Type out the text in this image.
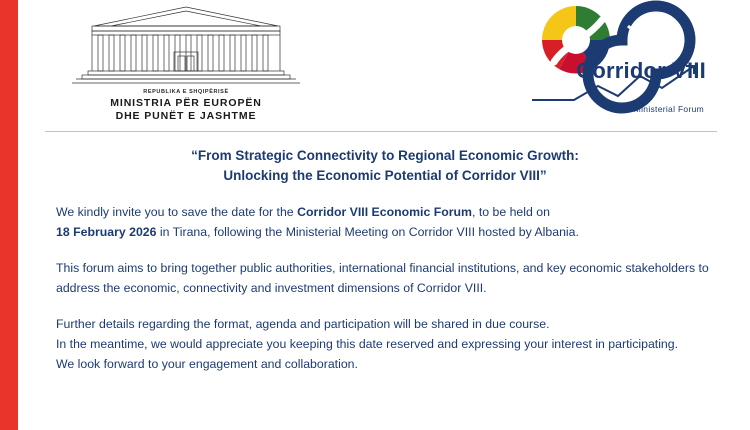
REPUBLIKA E SHQIPËRISË
MINISTRIA PËR EUROPËN
DHE PUNËT E JASHTME
Corridor VIII
Ministerial Forum
“From Strategic Connectivity to Regional Economic Growth:
Unlocking the Economic Potential of Corridor VIII”

We kindly invite you to save the date for the Corridor VIII Economic Forum, to be held on
18 February 2026 in Tirana, following the Ministerial Meeting on Corridor VIII hosted by Albania.

This forum aims to bring together public authorities, international financial institutions, and key economic stakeholders to address the economic, connectivity and investment dimensions of Corridor VIII.

Further details regarding the format, agenda and participation will be shared in due course.
In the meantime, we would appreciate you keeping this date reserved and expressing your interest in participating.
We look forward to your engagement and collaboration.
